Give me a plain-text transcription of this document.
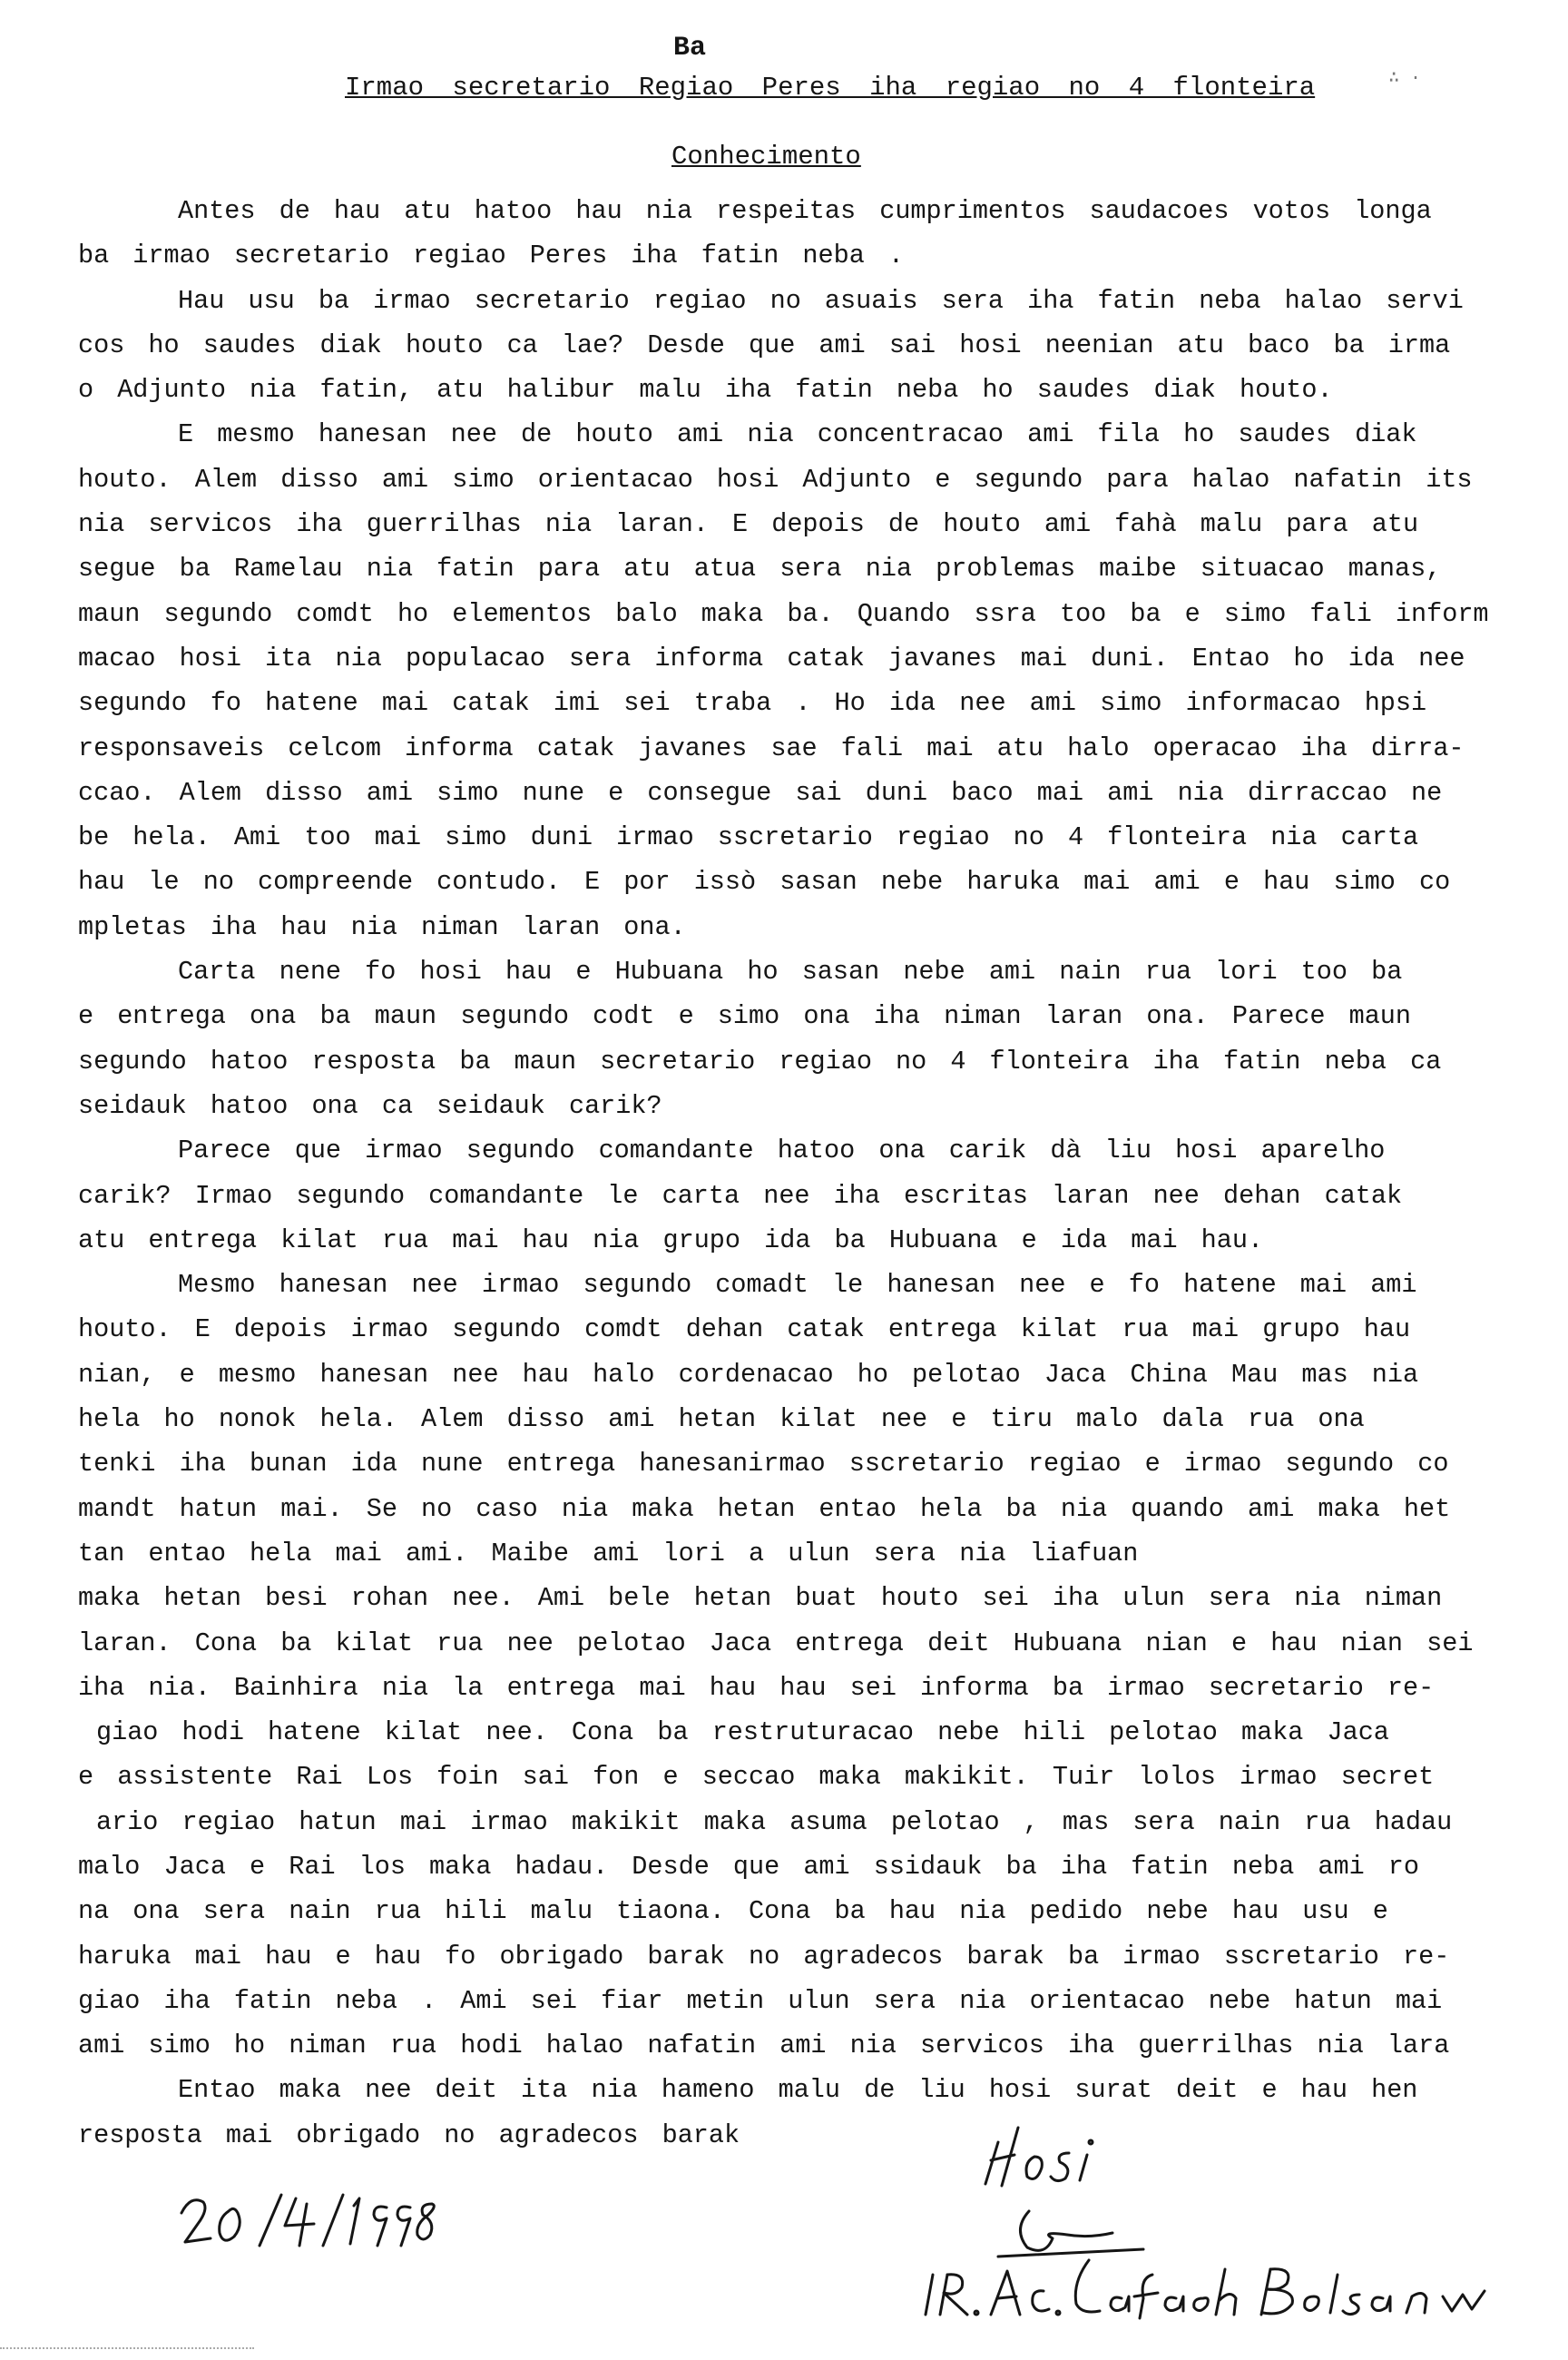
Ba
Irmao secretario Regiao Peres iha regiao no 4 flonteira
Conhecimento
∴ ·
Antes de hau atu hatoo hau nia respeitas cumprimentos saudacoes votos longa
ba irmao secretario regiao Peres iha fatin neba .
Hau usu ba irmao secretario regiao no asuais sera iha fatin neba halao servi
cos ho saudes diak houto ca lae? Desde que ami sai hosi neenian atu baco ba irma
o Adjunto nia fatin, atu halibur malu iha fatin neba ho saudes diak houto.
E mesmo hanesan nee de houto ami nia concentracao ami fila ho saudes diak
houto. Alem disso ami simo orientacao hosi Adjunto e segundo para halao nafatin its
nia servicos iha guerrilhas nia laran. E depois de houto ami fahà malu para atu
segue ba Ramelau nia fatin para atu atua sera nia problemas maibe situacao manas,
maun segundo comdt ho elementos balo maka ba. Quando ssra too ba e simo fali inform
macao hosi ita nia populacao sera informa catak javanes mai duni. Entao ho ida nee
segundo fo hatene mai catak imi sei traba . Ho ida nee ami simo informacao hpsi
responsaveis celcom informa catak javanes sae fali mai atu halo operacao iha dirra-
ccao. Alem disso ami simo nune e consegue sai duni baco mai ami nia dirraccao ne
be hela. Ami too mai simo duni irmao sscretario regiao no 4 flonteira nia carta
hau le no compreende contudo. E por issò sasan nebe haruka mai ami e hau simo co
mpletas iha hau nia niman laran ona.
Carta nene fo hosi hau e Hubuana ho sasan nebe ami nain rua lori too ba
e entrega ona ba maun segundo codt e simo ona iha niman laran ona. Parece maun
segundo hatoo resposta ba maun secretario regiao no 4 flonteira iha fatin neba ca
seidauk hatoo ona ca seidauk carik?
Parece que irmao segundo comandante hatoo ona carik dà liu hosi aparelho
carik? Irmao segundo comandante le carta nee iha escritas laran nee dehan catak
atu entrega kilat rua mai hau nia grupo ida ba Hubuana e ida mai hau.
Mesmo hanesan nee irmao segundo comadt le hanesan nee e fo hatene mai ami
houto. E depois irmao segundo comdt dehan catak entrega kilat rua mai grupo hau
nian, e mesmo hanesan nee hau halo cordenacao ho pelotao Jaca China Mau mas nia
hela ho nonok hela. Alem disso ami hetan kilat nee e tiru malo dala rua ona
tenki iha bunan ida nune entrega hanesanirmao sscretario regiao e irmao segundo co
mandt hatun mai. Se no caso nia maka hetan entao hela ba nia quando ami maka het
tan entao hela mai ami. Maibe ami lori a ulun sera nia liafuan
maka hetan besi rohan nee. Ami bele hetan buat houto sei iha ulun sera nia niman
laran. Cona ba kilat rua nee pelotao Jaca entrega deit Hubuana nian e hau nian sei
iha nia. Bainhira nia la entrega mai hau hau sei informa ba irmao secretario re-
giao hodi hatene kilat nee. Cona ba restruturacao nebe hili pelotao maka Jaca
e assistente Rai Los foin sai fon e seccao maka makikit. Tuir lolos irmao secret
ario regiao hatun mai irmao makikit maka asuma pelotao , mas sera nain rua hadau
malo Jaca e Rai los maka hadau. Desde que ami ssidauk ba iha fatin neba ami ro
na ona sera nain rua hili malu tiaona. Cona ba hau nia pedido nebe hau usu e
haruka mai hau e hau fo obrigado barak no agradecos barak ba irmao sscretario re-
giao iha fatin neba . Ami sei fiar metin ulun sera nia orientacao nebe hatun mai
ami simo ho niman rua hodi halao nafatin ami nia servicos iha guerrilhas nia lara
Entao maka nee deit ita nia hameno malu de liu hosi surat deit e hau hen
resposta mai obrigado no agradecos barak
